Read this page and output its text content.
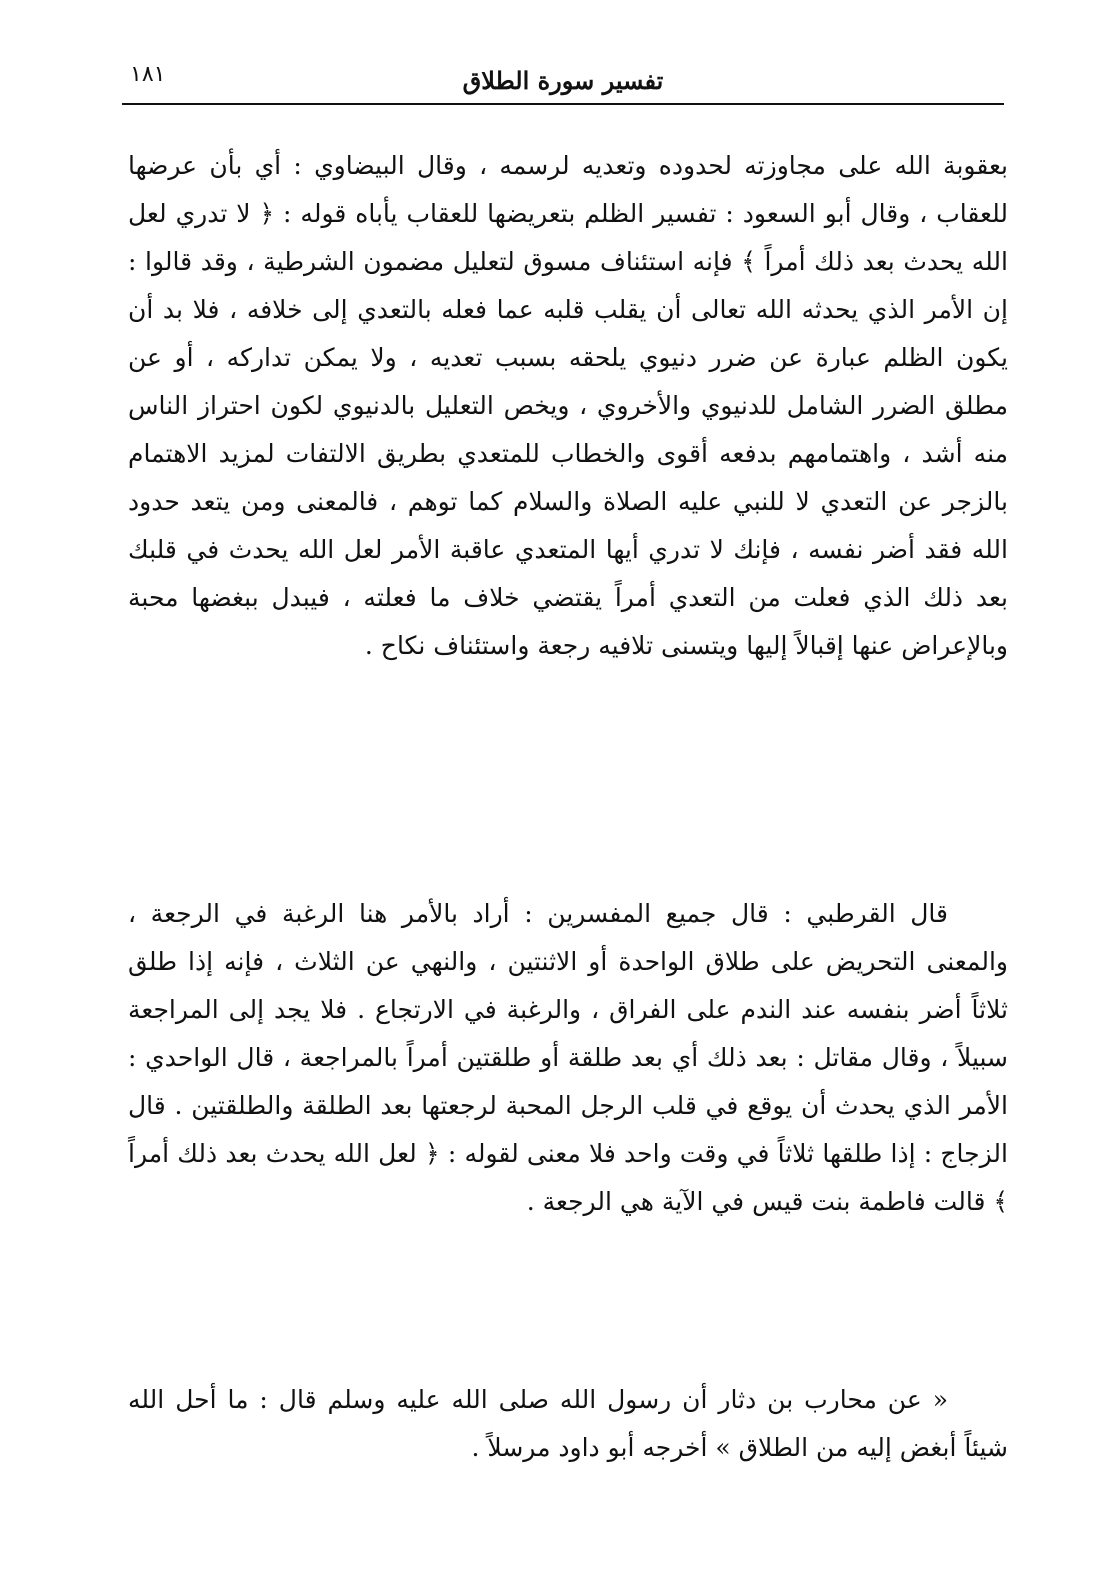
١٨١	تفسير سورة الطلاق
بعقوبة الله على مجاوزته لحدوده وتعديه لرسمه ، وقال البيضاوي : أي بأن عرضها للعقاب ، وقال أبو السعود : تفسير الظلم بتعريضها للعقاب يأباه قوله : ﴿ لا تدري لعل الله يحدث بعد ذلك أمراً ﴾ فإنه استئناف مسوق لتعليل مضمون الشرطية ، وقد قالوا : إن الأمر الذي يحدثه الله تعالى أن يقلب قلبه عما فعله بالتعدي إلى خلافه ، فلا بد أن يكون الظلم عبارة عن ضرر دنيوي يلحقه بسبب تعديه ، ولا يمكن تداركه ، أو عن مطلق الضرر الشامل للدنيوي والأخروي ، ويخص التعليل بالدنيوي لكون احتراز الناس منه أشد ، واهتمامهم بدفعه أقوى والخطاب للمتعدي بطريق الالتفات لمزيد الاهتمام بالزجر عن التعدي لا للنبي عليه الصلاة والسلام كما توهم ، فالمعنى ومن يتعد حدود الله فقد أضر نفسه ، فإنك لا تدري أيها المتعدي عاقبة الأمر لعل الله يحدث في قلبك بعد ذلك الذي فعلت من التعدي أمراً يقتضي خلاف ما فعلته ، فيبدل ببغضها محبة وبالإعراض عنها إقبالاً إليها ويتسنى تلافيه رجعة واستئناف نكاح .
قال القرطبي : قال جميع المفسرين : أراد بالأمر هنا الرغبة في الرجعة ، والمعنى التحريض على طلاق الواحدة أو الاثنتين ، والنهي عن الثلاث ، فإنه إذا طلق ثلاثاً أضر بنفسه عند الندم على الفراق ، والرغبة في الارتجاع . فلا يجد إلى المراجعة سبيلاً ، وقال مقاتل : بعد ذلك أي بعد طلقة أو طلقتين أمراً بالمراجعة ، قال الواحدي : الأمر الذي يحدث أن يوقع في قلب الرجل المحبة لرجعتها بعد الطلقة والطلقتين . قال الزجاج : إذا طلقها ثلاثاً في وقت واحد فلا معنى لقوله : ﴿ لعل الله يحدث بعد ذلك أمراً ﴾ قالت فاطمة بنت قيس في الآية هي الرجعة .
« عن محارب بن دثار أن رسول الله صلى الله عليه وسلم قال : ما أحل الله شيئاً أبغض إليه من الطلاق » أخرجه أبو داود مرسلاً .
